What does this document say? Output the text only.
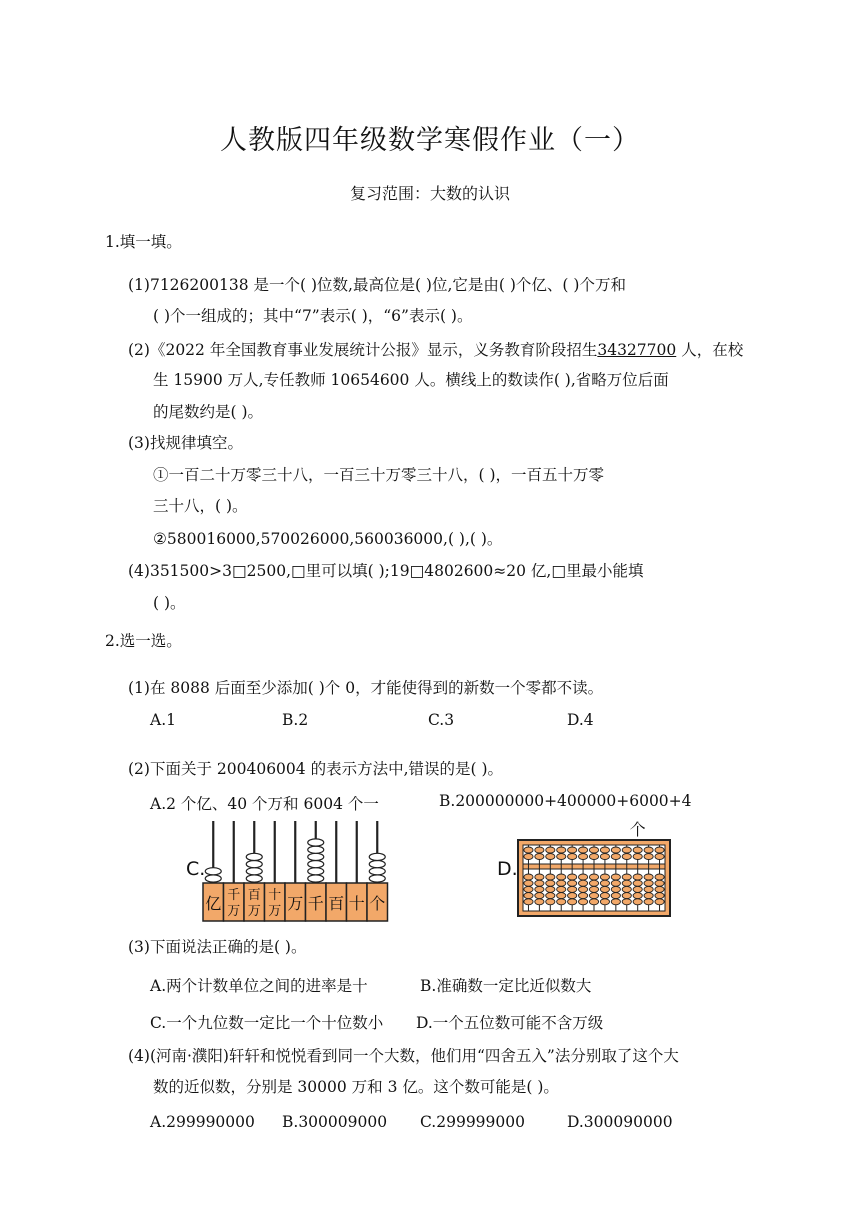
人教版四年级数学寒假作业（一）
复习范围：大数的认识
1.填一填。
(1)7126200138 是一个( )位数,最高位是( )位,它是由( )个亿、( )个万和
( )个一组成的；其中“7”表示( )，“6”表示( )。
(2)《2022 年全国教育事业发展统计公报》显示，义务教育阶段招生34327700 人，在校
生 15900 万人,专任教师 10654600 人。横线上的数读作( ),省略万位后面
的尾数约是( )。
(3)找规律填空。
①一百二十万零三十八，一百三十万零三十八，( )，一百五十万零
三十八，( )。
②580016000,570026000,560036000,( ),( )。
(4)351500>3□2500,□里可以填( );19□4802600≈20 亿,□里最小能填
( )。
2.选一选。
(1)在 8088 后面至少添加( )个 0，才能使得到的新数一个零都不读。
A.1	B.2	C.3	D.4
(2)下面关于 200406004 的表示方法中,错误的是( )。
A.2 个亿、40 个万和 6004 个一	B.200000000+400000+6000+4
C.
亿 千
万
百
万
十
万 万 千 百 十 个
D.
个
(3)下面说法正确的是( )。
A.两个计数单位之间的进率是十	B.准确数一定比近似数大
C.一个九位数一定比一个十位数小 D.一个五位数可能不含万级
(4)(河南·濮阳)轩轩和悦悦看到同一个大数，他们用“四舍五入”法分别取了这个大
数的近似数，分别是 30000 万和 3 亿。这个数可能是( )。
A.299990000 B.300009000 C.299999000	D.300090000
